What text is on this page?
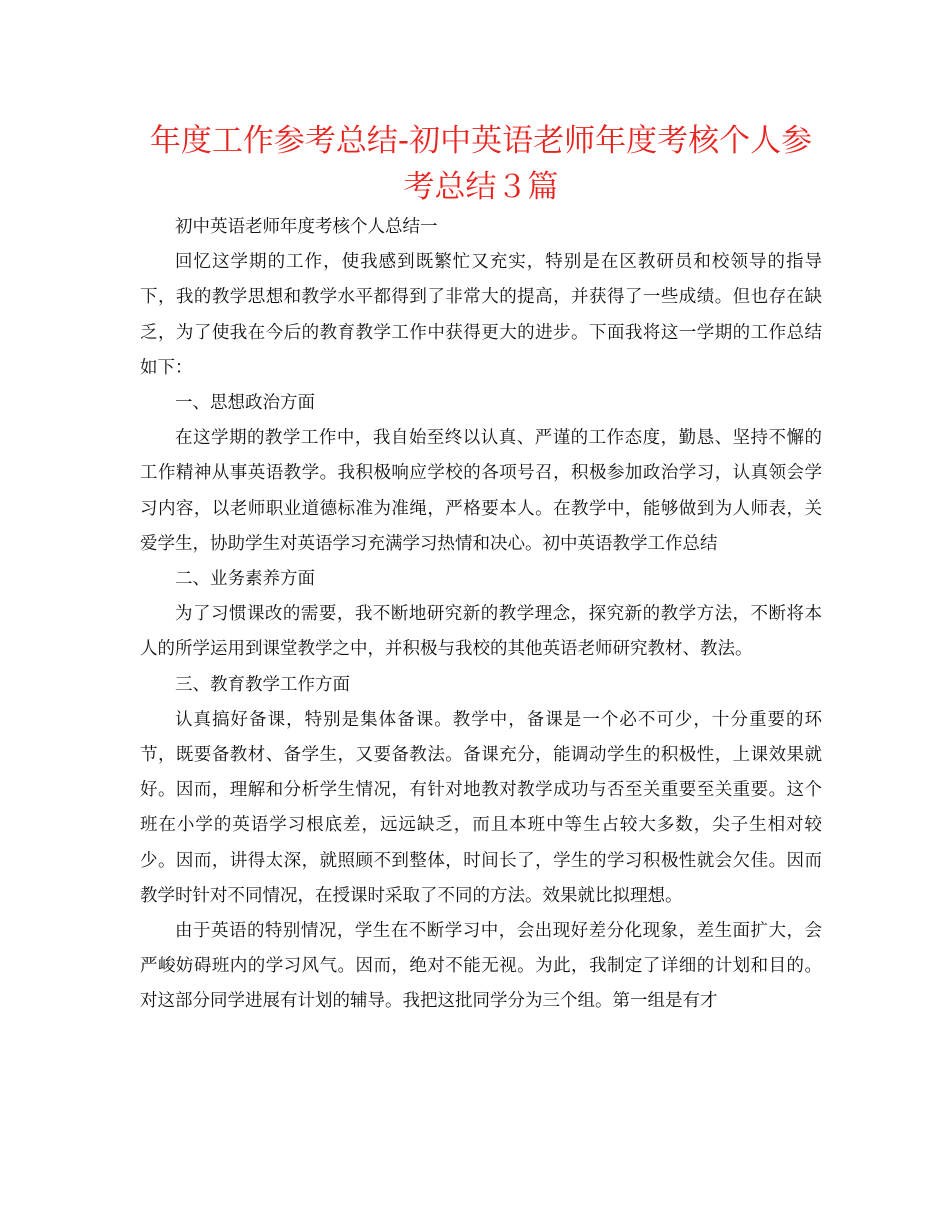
年度工作参考总结-初中英语老师年度考核个人参考总结３篇

初中英语老师年度考核个人总结一

回忆这学期的工作，使我感到既繁忙又充实，特别是在区教研员和校领导的指导下，我的教学思想和教学水平都得到了非常大的提高，并获得了一些成绩。但也存在缺乏，为了使我在今后的教育教学工作中获得更大的进步。下面我将这一学期的工作总结如下：

一、思想政治方面

在这学期的教学工作中，我自始至终以认真、严谨的工作态度，勤恳、坚持不懈的工作精神从事英语教学。我积极响应学校的各项号召，积极参加政治学习，认真领会学习内容，以老师职业道德标准为准绳，严格要本人。在教学中，能够做到为人师表，关爱学生，协助学生对英语学习充满学习热情和决心。初中英语教学工作总结

二、业务素养方面

为了习惯课改的需要，我不断地研究新的教学理念，探究新的教学方法，不断将本人的所学运用到课堂教学之中，并积极与我校的其他英语老师研究教材、教法。

三、教育教学工作方面

认真搞好备课，特别是集体备课。教学中，备课是一个必不可少，十分重要的环节，既要备教材、备学生，又要备教法。备课充分，能调动学生的积极性，上课效果就好。因而，理解和分析学生情况，有针对地教对教学成功与否至关重要至关重要。这个班在小学的英语学习根底差，远远缺乏，而且本班中等生占较大多数，尖子生相对较少。因而，讲得太深，就照顾不到整体，时间长了，学生的学习积极性就会欠佳。因而教学时针对不同情况，在授课时采取了不同的方法。效果就比拟理想。

由于英语的特别情况，学生在不断学习中，会出现好差分化现象，差生面扩大，会严峻妨碍班内的学习风气。因而，绝对不能无视。为此，我制定了详细的计划和目的。对这部分同学进展有计划的辅导。我把这批同学分为三个组。第一组是有才
